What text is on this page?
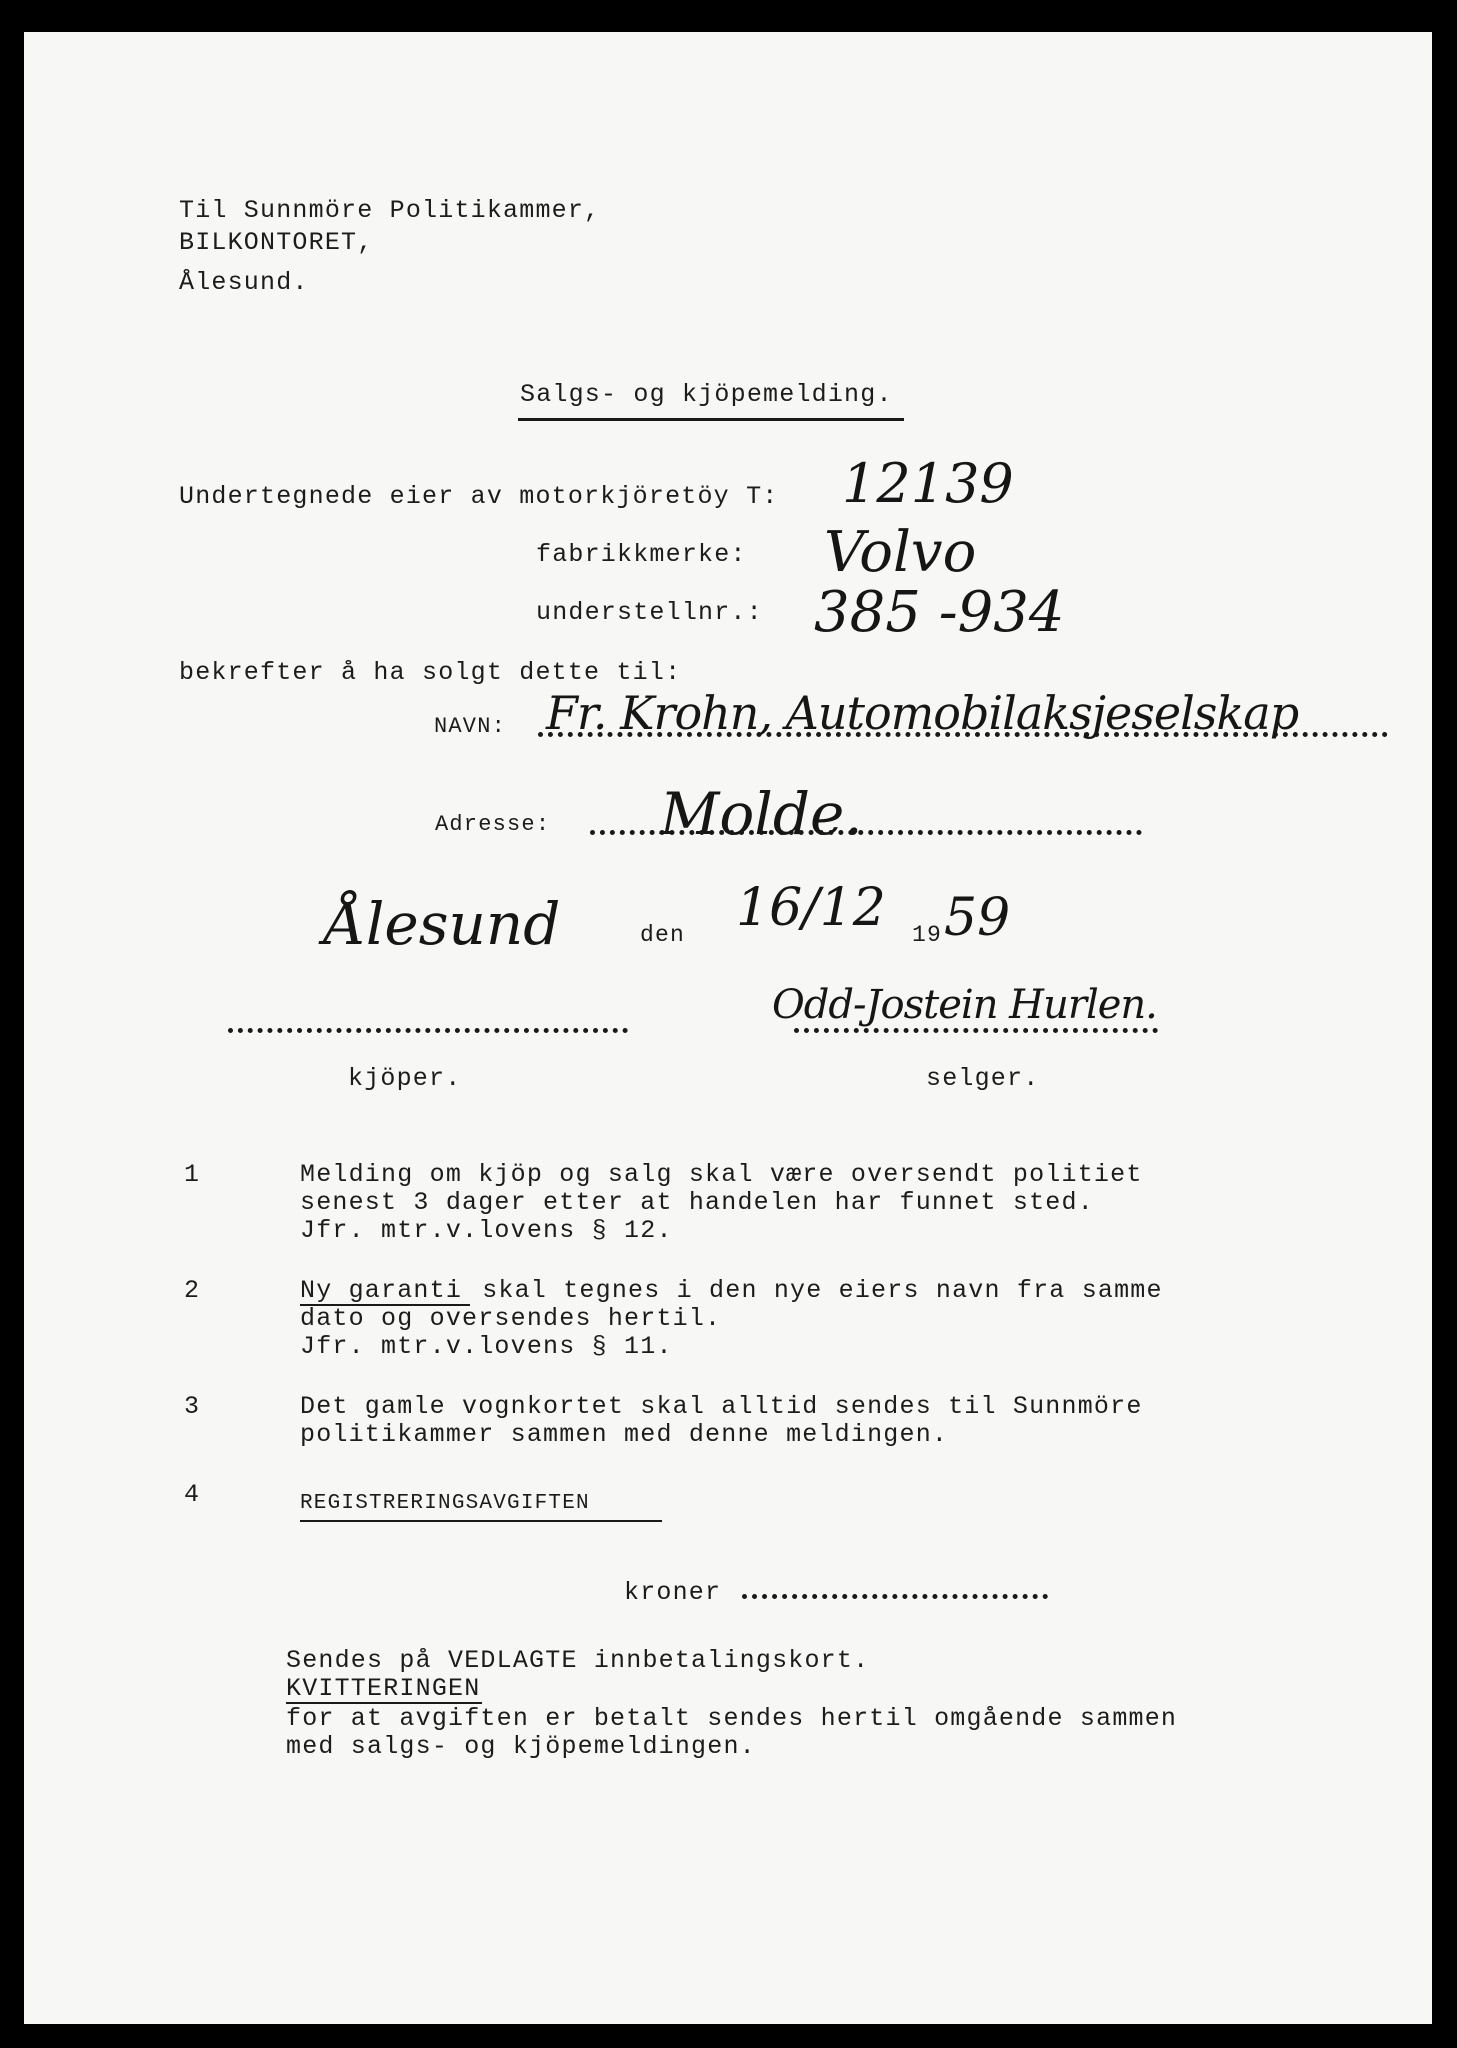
Til Sunnmöre Politikammer,
BILKONTORET,
Ålesund.
Salgs- og kjöpemelding.
Undertegnede eier av motorkjöretöy T: 12139
fabrikkmerke: Volvo
understellnr.: 385 -934
bekrefter å ha solgt dette til:
NAVN: Fr. Krohn, Automobilaksjeselskap
Adresse: Molde.
Ålesund	den 16/12 19 59
Odd-Jostein Hurlen.
kjöper.	selger.
1	Melding om kjöp og salg skal være oversendt politiet
senest 3 dager etter at handelen har funnet sted.
Jfr. mtr.v.lovens § 12.
2	Ny garanti skal tegnes i den nye eiers navn fra samme
dato og oversendes hertil.
Jfr. mtr.v.lovens § 11.
3	Det gamle vognkortet skal alltid sendes til Sunnmöre
politikammer sammen med denne meldingen.
4	REGISTRERINGSAVGIFTEN
kroner
Sendes på VEDLAGTE innbetalingskort.
KVITTERINGEN
for at avgiften er betalt sendes hertil omgående sammen
med salgs- og kjöpemeldingen.
